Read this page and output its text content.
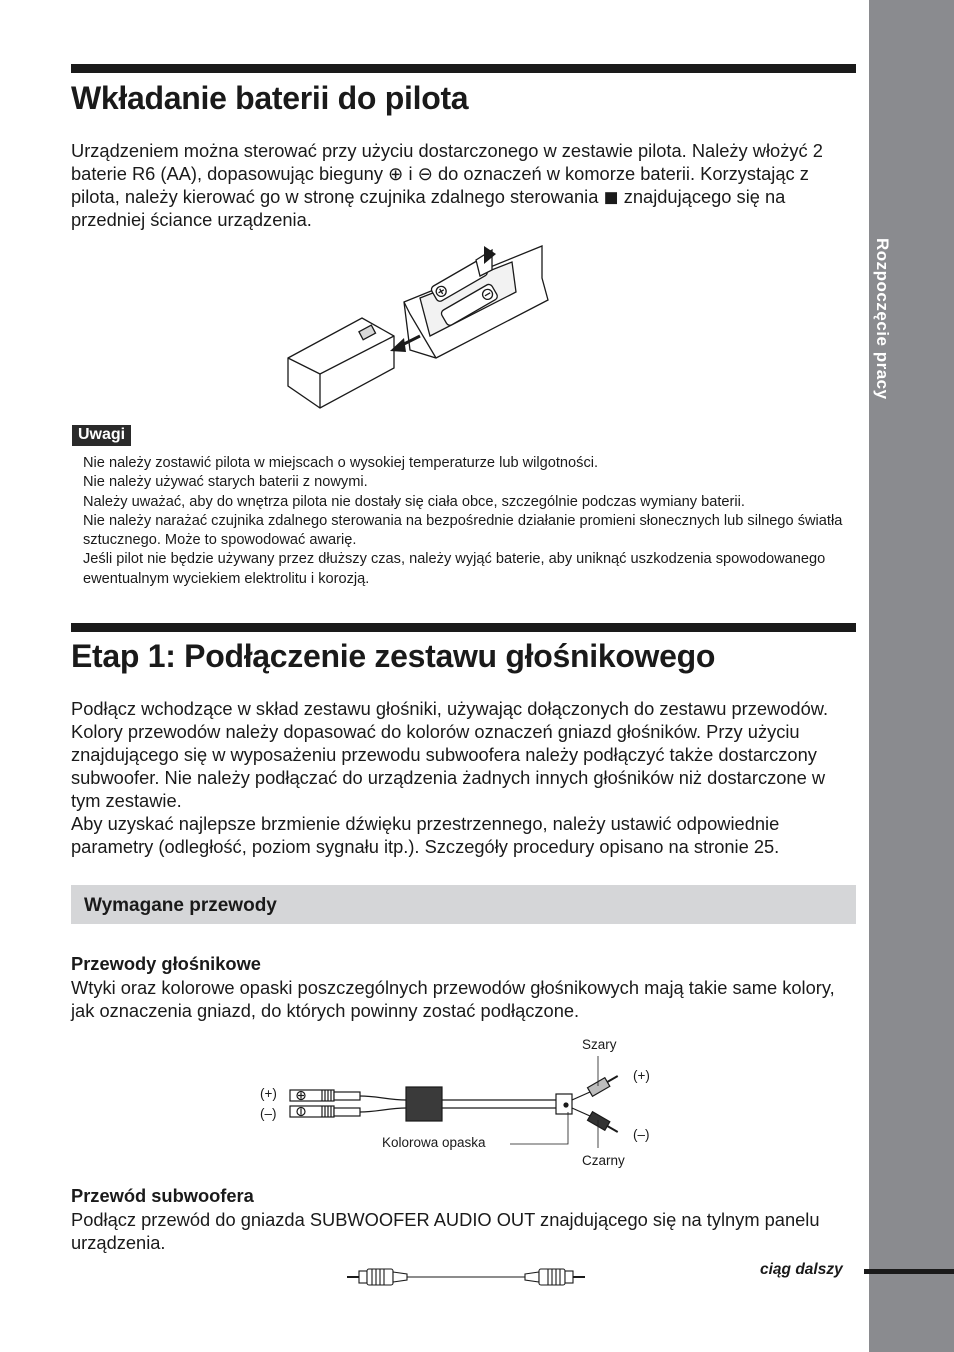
Rozpoczęcie pracy
Wkładanie baterii do pilota

Urządzeniem można sterować przy użyciu dostarczonego w zestawie pilota. Należy włożyć 2 baterie R6 (AA), dopasowując bieguny ⊕ i ⊖ do oznaczeń w komorze baterii. Korzystając z pilota, należy kierować go w stronę czujnika zdalnego sterowania ◼ znajdującego się na przedniej ściance urządzenia.

Uwagi
Nie należy zostawić pilota w miejscach o wysokiej temperaturze lub wilgotności.
Nie należy używać starych baterii z nowymi.
Należy uważać, aby do wnętrza pilota nie dostały się ciała obce, szczególnie podczas wymiany baterii.
Nie należy narażać czujnika zdalnego sterowania na bezpośrednie działanie promieni słonecznych lub silnego światła sztucznego. Może to spowodować awarię.
Jeśli pilot nie będzie używany przez dłuższy czas, należy wyjąć baterie, aby uniknąć uszkodzenia spowodowanego ewentualnym wyciekiem elektrolitu i korozją.
Etap 1: Podłączenie zestawu głośnikowego

Podłącz wchodzące w skład zestawu głośniki, używając dołączonych do zestawu przewodów. Kolory przewodów należy dopasować do kolorów oznaczeń gniazd głośników. Przy użyciu znajdującego się w wyposażeniu przewodu subwoofera należy podłączyć także dostarczony subwoofer. Nie należy podłączać do urządzenia żadnych innych głośników niż dostarczone w tym zestawie.
Aby uzyskać najlepsze brzmienie dźwięku przestrzennego, należy ustawić odpowiednie parametry (odległość, poziom sygnału itp.). Szczegóły procedury opisano na stronie 25.

Wymagane przewody
Przewody głośnikowe

Wtyki oraz kolorowe opaski poszczególnych przewodów głośnikowych mają takie same kolory, jak oznaczenia gniazd, do których powinny zostać podłączone.

Szary
Czarny
(+)
(–)
(+)
(–)
Kolorowa opaska
Przewód subwoofera

Podłącz przewód do gniazda SUBWOOFER AUDIO OUT znajdującego się na tylnym panelu urządzenia.

ciąg dalszy
